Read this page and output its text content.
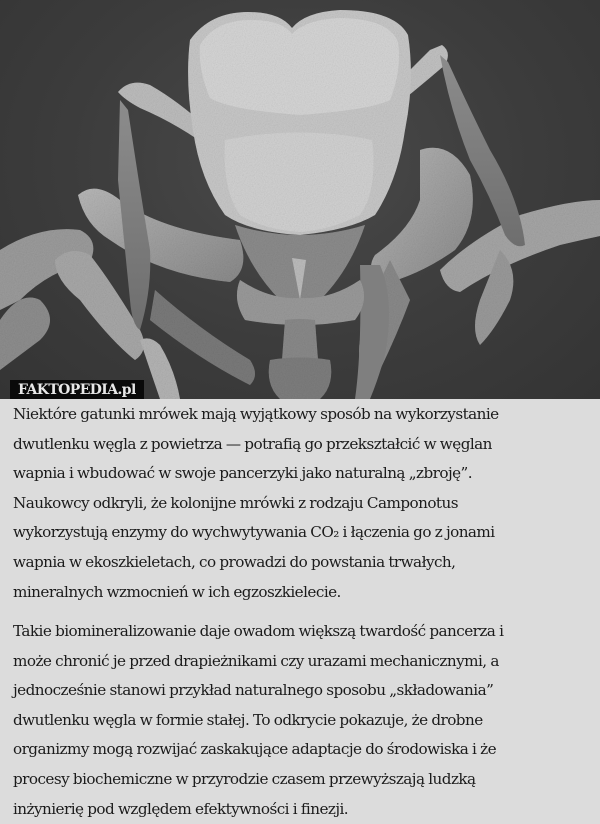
FAKTOPEDIA.pl

Niektóre gatunki mrówek mają wyjątkowy sposób na wykorzystanie
dwutlenku węgla z powietrza — potrafią go przekształcić w węglan
wapnia i wbudować w swoje pancerzyki jako naturalną „zbroję”.
Naukowcy odkryli, że kolonijne mrówki z rodzaju Camponotus
wykorzystują enzymy do wychwytywania CO₂ i łączenia go z jonami
wapnia w ekoszkieletach, co prowadzi do powstania trwałych,
mineralnych wzmocnień w ich egzoszkielecie.

Takie biomineralizowanie daje owadom większą twardość pancerza i
może chronić je przed drapieżnikami czy urazami mechanicznymi, a
jednocześnie stanowi przykład naturalnego sposobu „składowania”
dwutlenku węgla w formie stałej. To odkrycie pokazuje, że drobne
organizmy mogą rozwijać zaskakujące adaptacje do środowiska i że
procesy biochemiczne w przyrodzie czasem przewyższają ludzką
inżynierię pod względem efektywności i finezji.
